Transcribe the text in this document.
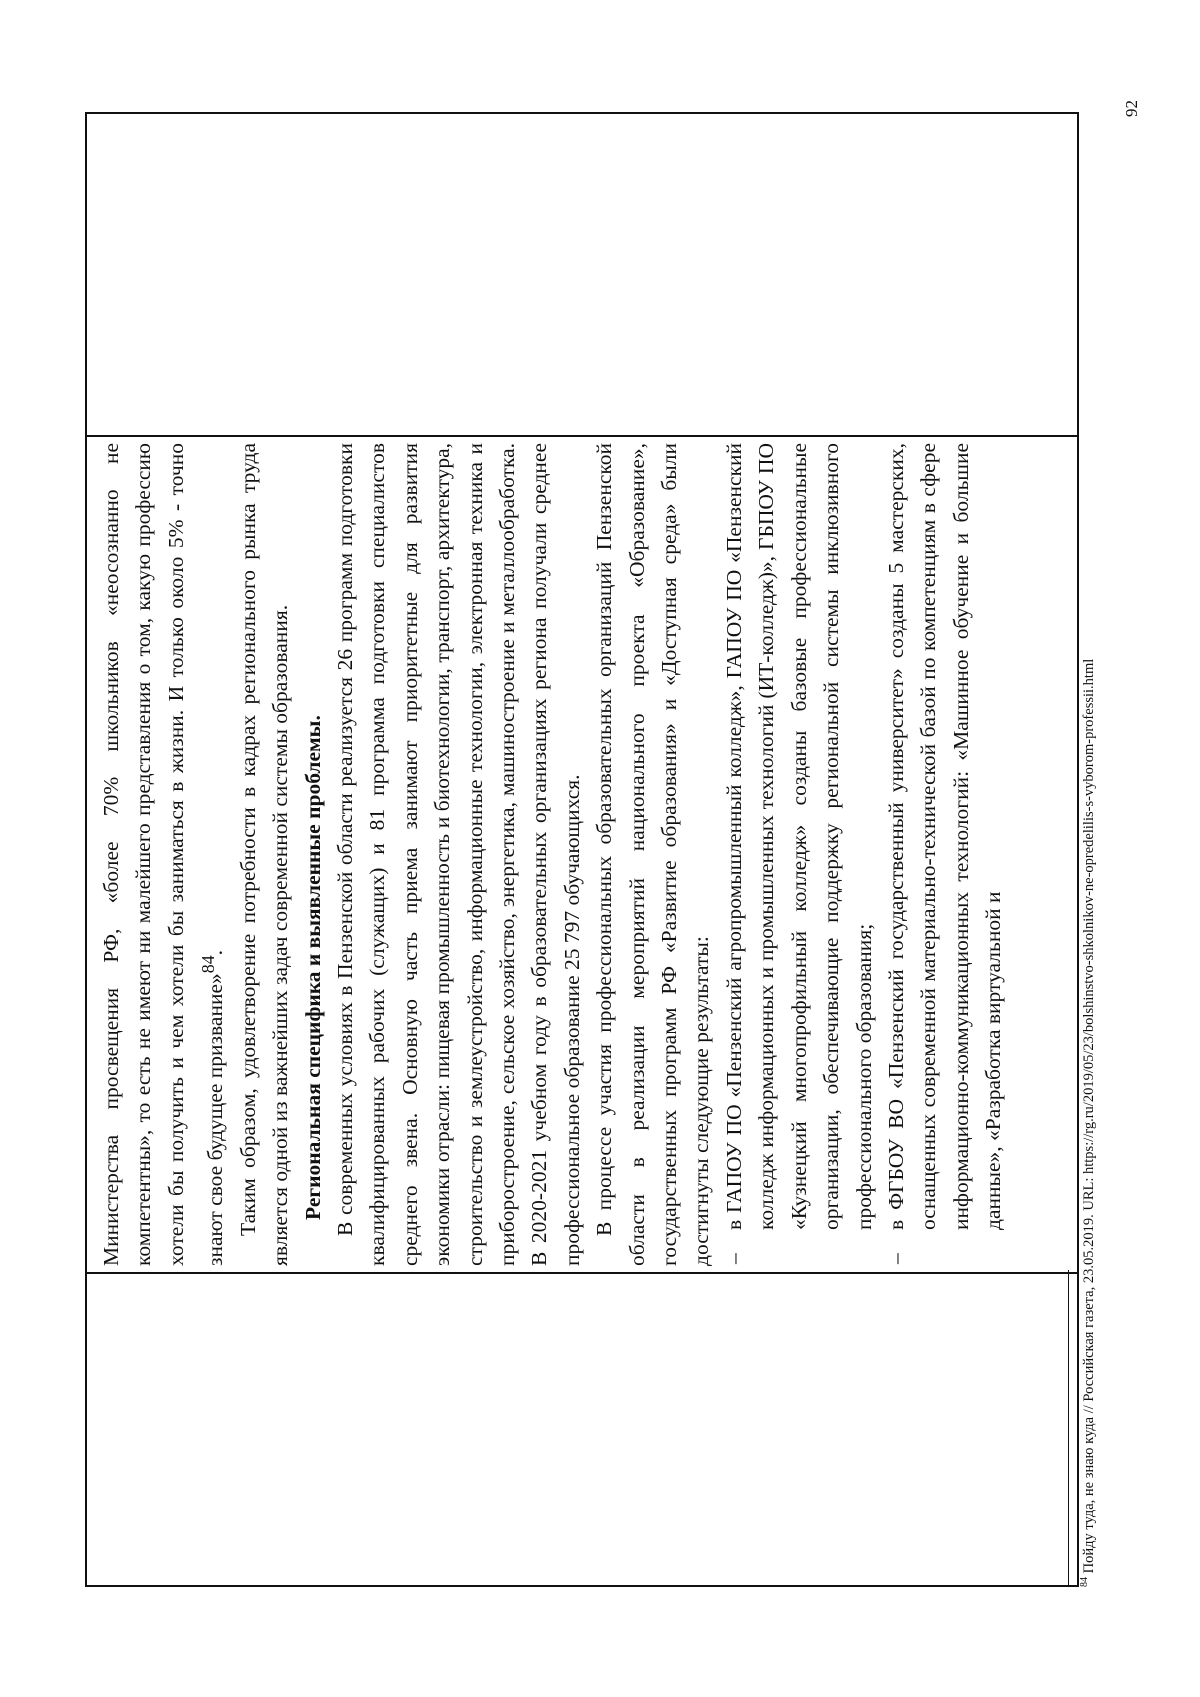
Министерства просвещения РФ, «более 70% школьников «неосознанно не компетентны», то есть не имеют ни малейшего представления о том, какую профессию хотели бы получить и чем хотели бы заниматься в жизни. И только около 5% - точно знают свое будущее призвание»$^{84}$. Таким образом, удовлетворение потребности в кадрах регионального рынка труда является одной из важнейших задач современной системы образования. Региональная специфика и выявленные проблемы. В современных условиях в Пензенской области реализуется 26 программ подготовки квалифицированных рабочих (служащих) и 81 программа подготовки специалистов среднего звена. Основную часть приема занимают приоритетные для развития экономики отрасли: пищевая промышленность и биотехнологии, транспорт, архитектура, строительство и землеустройство, информационные технологии, электронная техника и приборостроение, сельское хозяйство, энергетика, машиностроение и металлообработка. В 2020-2021 учебном году в образовательных организациях региона получали среднее профессиональное образование 25 797 обучающихся. В процессе участия профессиональных образовательных организаций Пензенской области в реализации мероприятий национального проекта «Образование», государственных программ РФ «Развитие образования» и «Доступная среда» были достигнуты следующие результаты: –
в ГАПОУ ПО «Пензенский агропромышленный колледж», ГАПОУ ПО «Пензенский колледж информационных и промышленных технологий (ИТ-колледж)», ГБПОУ ПО «Кузнецкий многопрофильный колледж» созданы базовые профессиональные организации, обеспечивающие поддержку региональной системы инклюзивного профессионального образования;

–
в ФГБОУ ВО «Пензенский государственный университет» созданы 5 мастерских, оснащенных современной материально-технической базой по компетенциям в сфере информационно-коммуникационных технологий: «Машинное обучение и большие данные», «Разработка виртуальной и

$^{84}$ Пойду туда, не знаю куда // Российская газета, 23.05.2019. URL: https://rg.ru/2019/05/23/bolshinstvo-shkolnikov-ne-opredelilis-s-vyborom-professii.html
92
